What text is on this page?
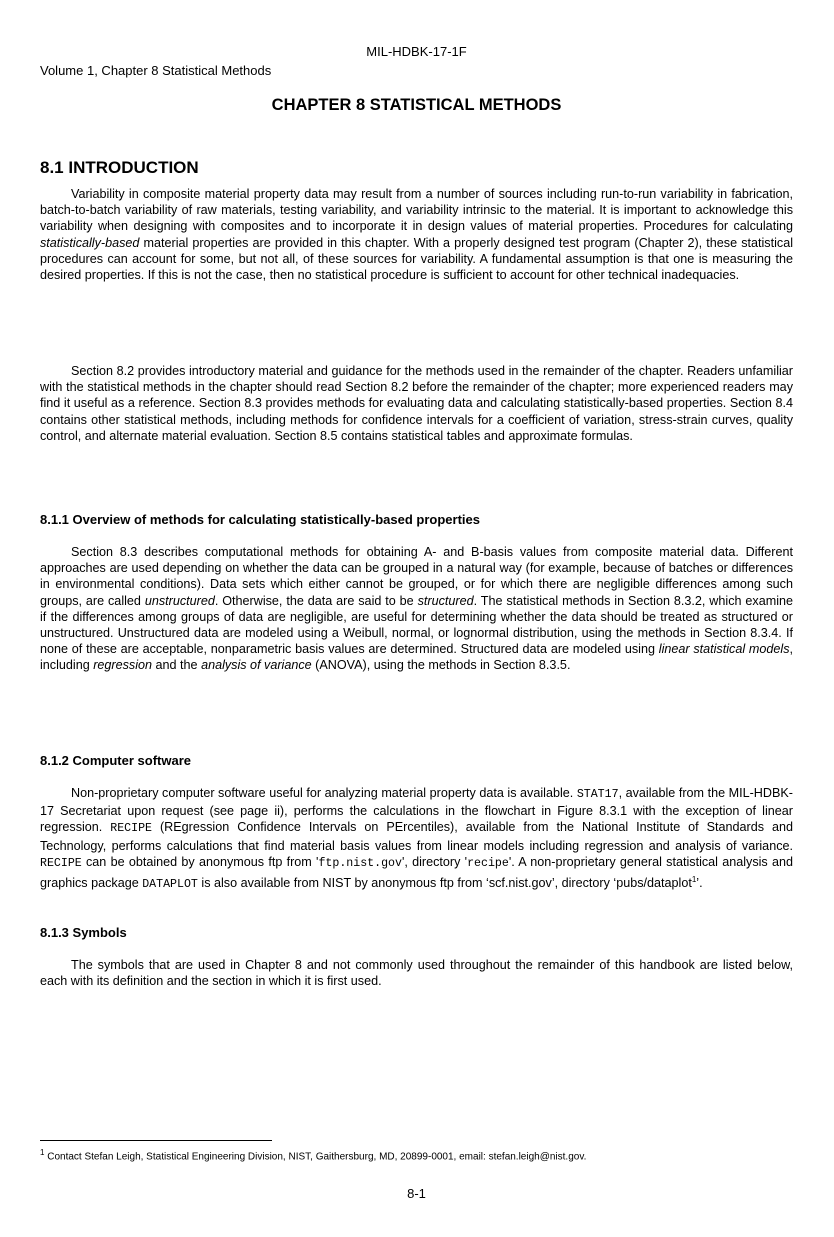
MIL-HDBK-17-1F
Volume 1, Chapter 8 Statistical Methods
CHAPTER 8 STATISTICAL METHODS
8.1 INTRODUCTION

Variability in composite material property data may result from a number of sources including run-to-run variability in fabrication, batch-to-batch variability of raw materials, testing variability, and variability intrinsic to the material. It is important to acknowledge this variability when designing with composites and to incorporate it in design values of material properties. Procedures for calculating statistically-based material properties are provided in this chapter. With a properly designed test program (Chapter 2), these statistical procedures can account for some, but not all, of these sources for variability. A fundamental assumption is that one is measuring the desired properties. If this is not the case, then no statistical procedure is sufficient to account for other technical inadequacies.

Section 8.2 provides introductory material and guidance for the methods used in the remainder of the chapter. Readers unfamiliar with the statistical methods in the chapter should read Section 8.2 before the remainder of the chapter; more experienced readers may find it useful as a reference. Section 8.3 provides methods for evaluating data and calculating statistically-based properties. Section 8.4 contains other statistical methods, including methods for confidence intervals for a coefficient of variation, stress-strain curves, quality control, and alternate material evaluation. Section 8.5 contains statistical tables and approximate formulas.

8.1.1 Overview of methods for calculating statistically-based properties

Section 8.3 describes computational methods for obtaining A- and B-basis values from composite material data. Different approaches are used depending on whether the data can be grouped in a natural way (for example, because of batches or differences in environmental conditions). Data sets which either cannot be grouped, or for which there are negligible differences among such groups, are called unstructured. Otherwise, the data are said to be structured. The statistical methods in Section 8.3.2, which examine if the differences among groups of data are negligible, are useful for determining whether the data should be treated as structured or unstructured. Unstructured data are modeled using a Weibull, normal, or lognormal distribution, using the methods in Section 8.3.4. If none of these are acceptable, nonparametric basis values are determined. Structured data are modeled using linear statistical models, including regression and the analysis of variance (ANOVA), using the methods in Section 8.3.5.

8.1.2 Computer software

Non-proprietary computer software useful for analyzing material property data is available. STAT17, available from the MIL-HDBK-17 Secretariat upon request (see page ii), performs the calculations in the flowchart in Figure 8.3.1 with the exception of linear regression. RECIPE (REgression Confidence Intervals on PErcentiles), available from the National Institute of Standards and Technology, performs calculations that find material basis values from linear models including regression and analysis of variance. RECIPE can be obtained by anonymous ftp from 'ftp.nist.gov', directory 'recipe'. A non-proprietary general statistical analysis and graphics package DATAPLOT is also available from NIST by anonymous ftp from ‘scf.nist.gov’, directory ‘pubs/dataplot$^1$’.

8.1.3 Symbols

The symbols that are used in Chapter 8 and not commonly used throughout the remainder of this handbook are listed below, each with its definition and the section in which it is first used.

$^1$ Contact Stefan Leigh, Statistical Engineering Division, NIST, Gaithersburg, MD, 20899-0001, email: stefan.leigh@nist.gov.
8-1
